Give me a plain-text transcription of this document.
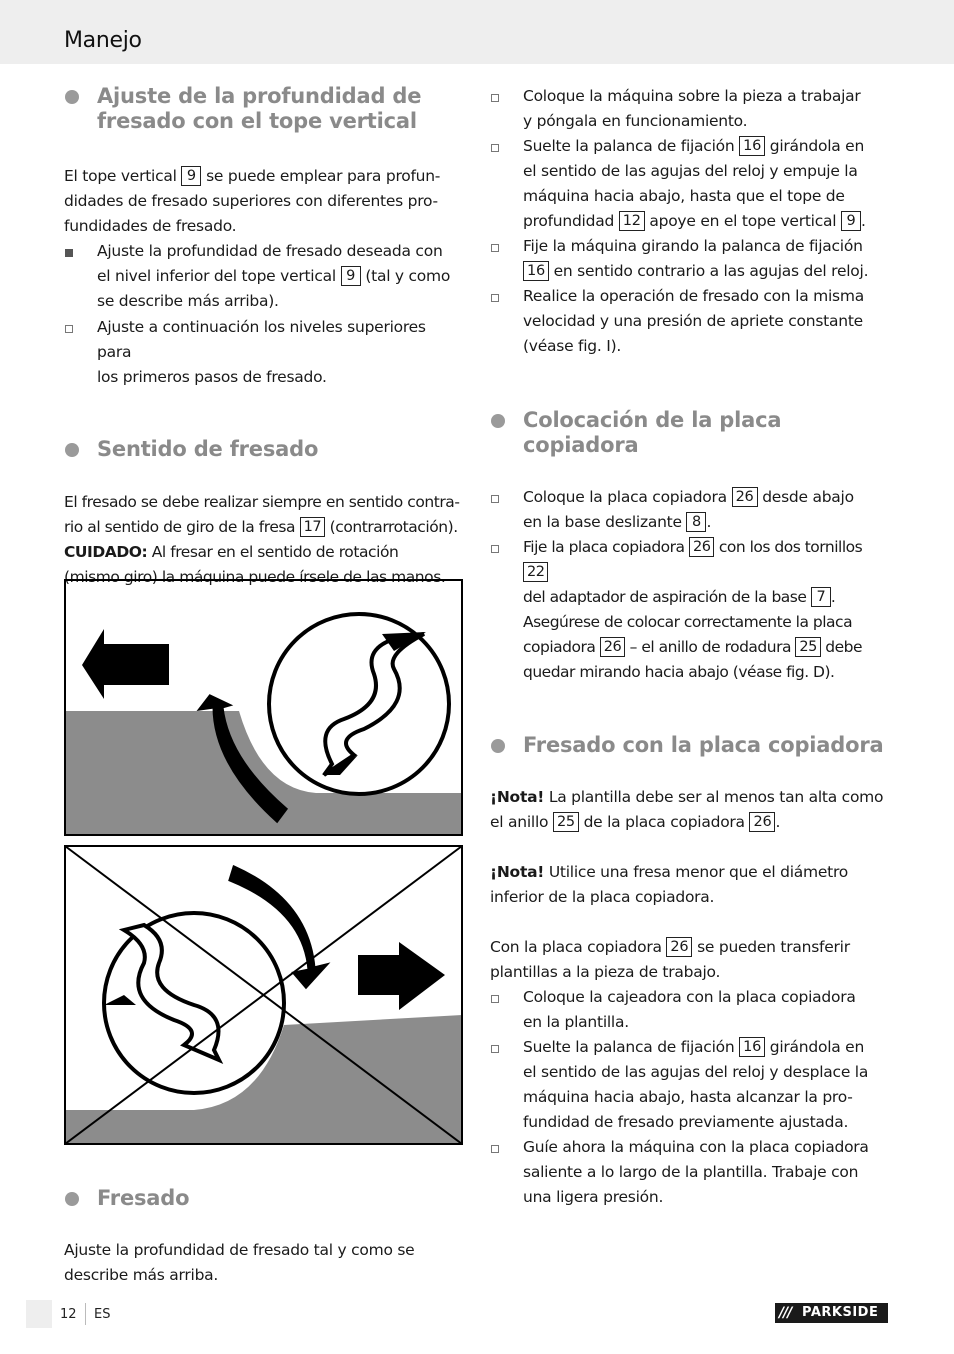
Manejo
Ajuste de la profundidad de fresado con el tope vertical
El tope vertical 9 se puede emplear para profun-
didades de fresado superiores con diferentes pro-
fundidades de fresado.
Ajuste la profundidad de fresado deseada con
el nivel inferior del tope vertical 9 (tal y como
se describe más arriba).
Ajuste a continuación los niveles superiores para
los primeros pasos de fresado.
Sentido de fresado
El fresado se debe realizar siempre en sentido contra-
rio al sentido de giro de la fresa 17 (contrarrotación).
CUIDADO: Al fresar en el sentido de rotación
(mismo giro) la máquina puede írsele de las manos.
Fresado
Ajuste la profundidad de fresado tal y como se
describe más arriba.
Coloque la máquina sobre la pieza a trabajar
y póngala en funcionamiento.
Suelte la palanca de fijación 16 girándola en
el sentido de las agujas del reloj y empuje la
máquina hacia abajo, hasta que el tope de
profundidad 12 apoye en el tope vertical 9 .
Fije la máquina girando la palanca de fijación
16 en sentido contrario a las agujas del reloj.
Realice la operación de fresado con la misma
velocidad y una presión de apriete constante
(véase fig. I).
Colocación de la placa copiadora
Coloque la placa copiadora 26 desde abajo
en la base deslizante 8 .
Fije la placa copiadora 26 con los dos tornillos 22
del adaptador de aspiración de la base 7 .
Asegúrese de colocar correctamente la placa
copiadora 26 – el anillo de rodadura 25 debe
quedar mirando hacia abajo (véase fig. D).
Fresado con la placa copiadora
¡Nota! La plantilla debe ser al menos tan alta como
el anillo 25 de la placa copiadora 26 .
¡Nota! Utilice una fresa menor que el diámetro
inferior de la placa copiadora.
Con la placa copiadora 26 se pueden transferir
plantillas a la pieza de trabajo.
Coloque la cajeadora con la placa copiadora
en la plantilla.
Suelte la palanca de fijación 16 girándola en
el sentido de las agujas del reloj y desplace la
máquina hacia abajo, hasta alcanzar la pro-
fundidad de fresado previamente ajustada.
Guíe ahora la máquina con la placa copiadora
saliente a lo largo de la plantilla. Trabaje con
una ligera presión.
12 ES	/// PARKSIDE
